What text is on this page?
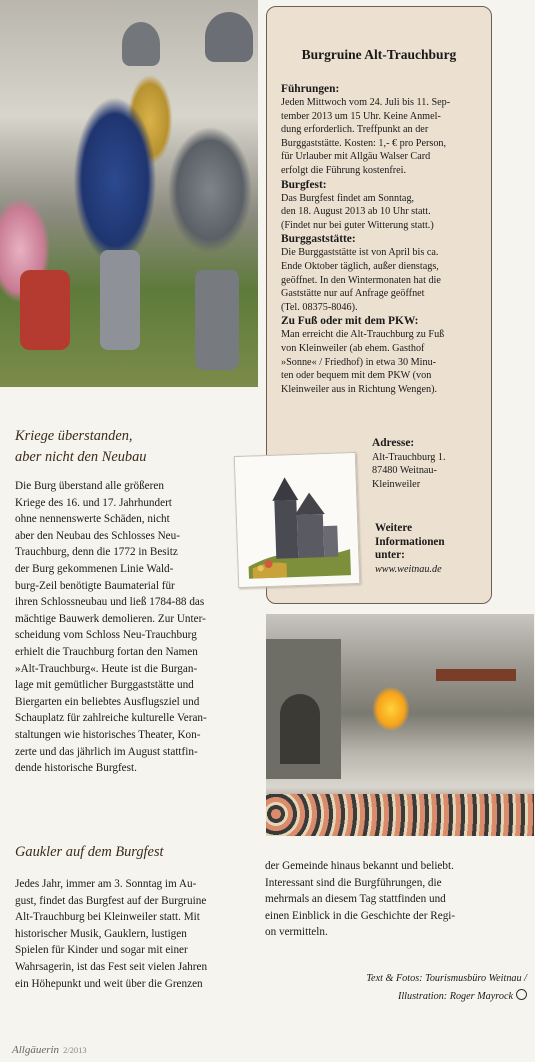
Burgruine Alt-Trauchburg

Führungen:

Jeden Mittwoch vom 24. Juli bis 11. Sep-

tember 2013 um 15 Uhr. Keine Anmel-

dung erforderlich. Treffpunkt an der

Burggaststätte. Kosten: 1,- € pro Person,

für Urlauber mit Allgäu Walser Card

erfolgt die Führung kostenfrei.

Burgfest:

Das Burgfest findet am Sonntag,

den 18. August 2013 ab 10 Uhr statt.

(Findet nur bei guter Witterung statt.)

Burggaststätte:

Die Burggaststätte ist von April bis ca.

Ende Oktober täglich, außer dienstags,

geöffnet. In den Wintermonaten hat die

Gaststätte nur auf Anfrage geöffnet

(Tel. 08375-8046).

Zu Fuß oder mit dem PKW:

Man erreicht die Alt-Trauchburg zu Fuß

von Kleinweiler (ab ehem. Gasthof

»Sonne« / Friedhof) in etwa 30 Minu-

ten oder bequem mit dem PKW (von

Kleinweiler aus in Richtung Wengen).

Adresse:
Alt-Trauchburg 1.
87480 Weitnau-
Kleinweiler
Weitere
Informationen
unter:
www.weitnau.de
Kriege überstanden,
aber nicht den Neubau
Die Burg überstand alle größeren
Kriege des 16. und 17. Jahrhundert
ohne nennenswerte Schäden, nicht
aber den Neubau des Schlosses Neu-
Trauchburg, denn die 1772 in Besitz
der Burg gekommenen Linie Wald-
burg-Zeil benötigte Baumaterial für
ihren Schlossneubau und ließ 1784-88 das
mächtige Bauwerk demolieren. Zur Unter-
scheidung vom Schloss Neu-Trauchburg
erhielt die Trauchburg fortan den Namen
»Alt-Trauchburg«. Heute ist die Burgan-
lage mit gemütlicher Burggaststätte und
Biergarten ein beliebtes Ausflugsziel und
Schauplatz für zahlreiche kulturelle Veran-
staltungen wie historisches Theater, Kon-
zerte und das jährlich im August stattfin-
dende historische Burgfest.
Gaukler auf dem Burgfest
Jedes Jahr, immer am 3. Sonntag im Au-
gust, findet das Burgfest auf der Burgruine
Alt-Trauchburg bei Kleinweiler statt. Mit
historischer Musik, Gauklern, lustigen
Spielen für Kinder und sogar mit einer
Wahrsagerin, ist das Fest seit vielen Jahren
ein Höhepunkt und weit über die Grenzen
der Gemeinde hinaus bekannt und beliebt.
Interessant sind die Burgführungen, die
mehrmals an diesem Tag stattfinden und
einen Einblick in die Geschichte der Regi-
on vermitteln.
Text & Fotos: Tourismusbüro Weitnau /
Illustration: Roger Mayrock
Allgäuerin 2/2013
